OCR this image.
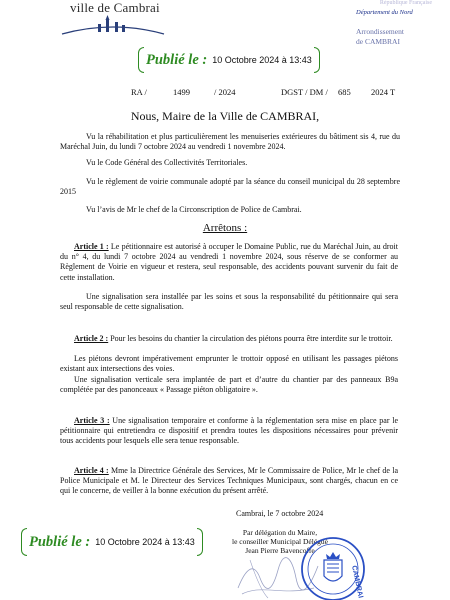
ville de Cambrai	République Française
Département du Nord
Arrondissement
de CAMBRAI
Publié le : 10 Octobre 2024 à 13:43
RA /	1499	/ 2024	DGST / DM / 685 2024 T
Nous, Maire de la Ville de CAMBRAI,
Vu la réhabilitation et plus particulièrement les menuiseries extérieures du bâtiment sis 4, rue du Maréchal Juin, du lundi 7 octobre 2024 au vendredi 1 novembre 2024.
Vu le Code Général des Collectivités Territoriales.
Vu le règlement de voirie communale adopté par la séance du conseil municipal du 28 septembre 2015
Vu l’avis de Mr le chef de la Circonscription de Police de Cambrai.
Arrêtons :
Article 1 : Le pétitionnaire est autorisé à occuper le Domaine Public, rue du Maréchal Juin, au droit du n° 4, du lundi 7 octobre 2024 au vendredi 1 novembre 2024, sous réserve de se conformer au Règlement de Voirie en vigueur et restera, seul responsable, des accidents pouvant survenir du fait de cette installation.
Une signalisation sera installée par les soins et sous la responsabilité du pétitionnaire qui sera seul responsable de cette signalisation.
Article 2 : Pour les besoins du chantier la circulation des piétons pourra être interdite sur le trottoir.
Les piétons devront impérativement emprunter le trottoir opposé en utilisant les passages piétons existant aux intersections des voies.
Une signalisation verticale sera implantée de part et d’autre du chantier par des panneaux B9a complétée par des panonceaux « Passage piéton obligatoire ».
Article 3 : Une signalisation temporaire et conforme à la réglementation sera mise en place par le pétitionnaire qui entretiendra ce dispositif et prendra toutes les dispositions nécessaires pour prévenir tous accidents pour lesquels elle sera tenue responsable.
Article 4 : Mme la Directrice Générale des Services, Mr le Commissaire de Police, Mr le chef de la Police Municipale et M. le Directeur des Services Techniques Municipaux, sont chargés, chacun en ce qui le concerne, de veiller à la bonne exécution du présent arrêté.
Cambrai, le 7 octobre 2024
Par délégation du Maire,
le conseiller Municipal Délégué
Jean Pierre Bavencoffe
CAMBRAI
Publié le : 10 Octobre 2024 à 13:43
